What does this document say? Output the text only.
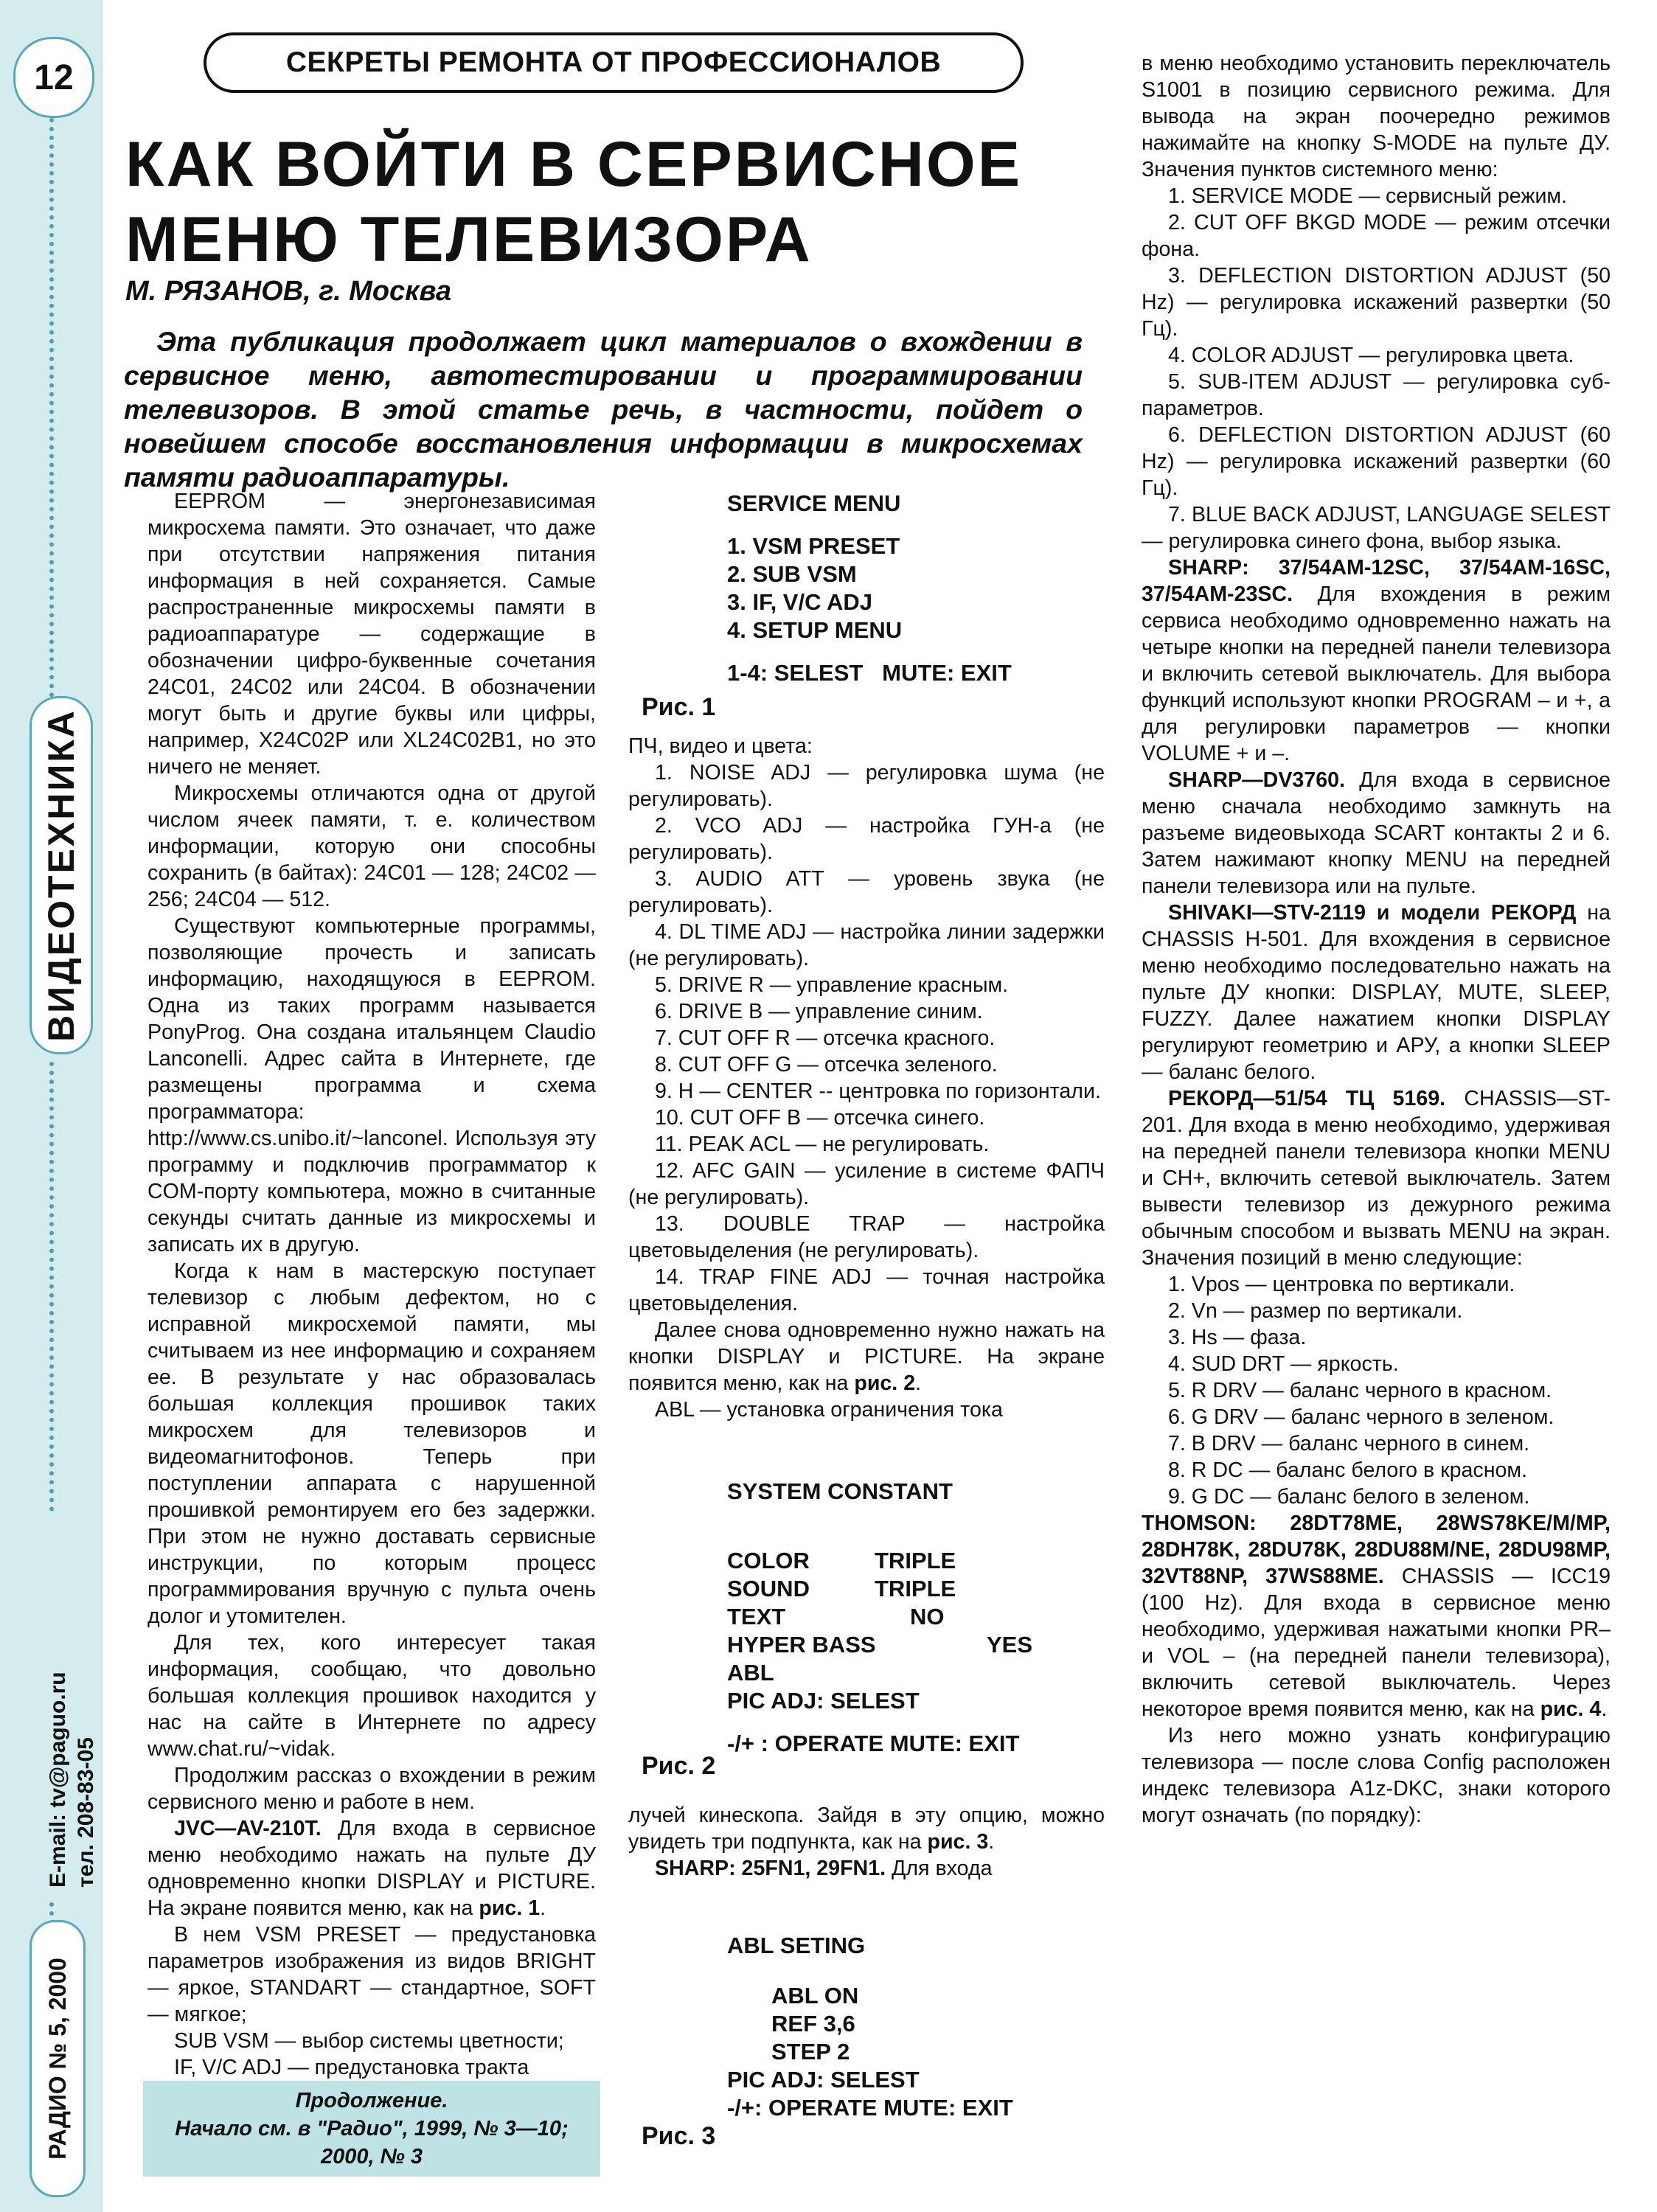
12
ВИДЕОТЕХНИКА
E-mail: tv@paguo.ru тел. 208-83-05
РАДИО № 5, 2000
СЕКРЕТЫ РЕМОНТА ОТ ПРОФЕССИОНАЛОВ
КАК ВОЙТИ В СЕРВИСНОЕ
МЕНЮ ТЕЛЕВИЗОРА
М. РЯЗАНОВ, г. Москва

Эта публикация продолжает цикл материалов о вхождении в сервисное меню, автотестировании и программировании телевизоров. В этой статье речь, в частности, пойдет о новейшем способе восстановления информации в микросхемах памяти радиоаппаратуры.

EEPROM — энергонезависимая микросхема памяти. Это означает, что даже при отсутствии напряжения питания информация в ней сохраняется. Самые распространенные микросхемы памяти в радиоаппаратуре — содержащие в обозначении цифро-буквенные сочетания 24C01, 24C02 или 24C04. В обозначении могут быть и другие буквы или цифры, например, X24C02P или XL24C02B1, но это ничего не меняет.

Микросхемы отличаются одна от другой числом ячеек памяти, т. е. количеством информации, которую они способны сохранить (в байтах): 24C01 — 128; 24C02 — 256; 24C04 — 512.

Существуют компьютерные программы, позволяющие прочесть и записать информацию, находящуюся в EEPROM. Одна из таких программ называется PonyProg. Она создана итальянцем Claudio Lanconelli. Адрес сайта в Интернете, где размещены программа и схема программатора: http://www.cs.unibo.it/~lanconel. Используя эту программу и подключив программатор к COM-порту компьютера, можно в считанные секунды считать данные из микросхемы и записать их в другую.

Когда к нам в мастерскую поступает телевизор с любым дефектом, но с исправной микросхемой памяти, мы считываем из нее информацию и сохраняем ее. В результате у нас образовалась большая коллекция прошивок таких микросхем для телевизоров и видеомагнитофонов. Теперь при поступлении аппарата с нарушенной прошивкой ремонтируем его без задержки. При этом не нужно доставать сервисные инструкции, по которым процесс программирования вручную с пульта очень долог и утомителен.

Для тех, кого интересует такая информация, сообщаю, что довольно большая коллекция прошивок находится у нас на сайте в Интернете по адресу www.chat.ru/~vidak.

Продолжим рассказ о вхождении в режим сервисного меню и работе в нем.

JVC—AV-210T. Для входа в сервисное меню необходимо нажать на пульте ДУ одновременно кнопки DISPLAY и PICTURE. На экране появится меню, как на рис. 1.

В нем VSM PRESET — предустановка параметров изображения из видов BRIGHT — яркое, STANDART — стандартное, SOFT — мягкое;

SUB VSM — выбор системы цветности;

IF, V/C ADJ — предустановка тракта

Продолжение.
Начало см. в "Радио", 1999, № 3—10;
2000, № 3
SERVICE MENU
1. VSM PRESET
2. SUB VSM
3. IF, V/C ADJ
4. SETUP MENU
1-4: SELEST   MUTE: EXIT
Рис. 1
ПЧ, видео и цвета:

1. NOISE ADJ — регулировка шума (не регулировать).

2. VCO ADJ — настройка ГУН-а (не регулировать).

3. AUDIO ATT — уровень звука (не регулировать).

4. DL TIME ADJ — настройка линии задержки (не регулировать).

5. DRIVE R — управление красным.

6. DRIVE B — управление синим.

7. CUT OFF R — отсечка красного.

8. CUT OFF G — отсечка зеленого.

9. H — CENTER -- центровка по горизонтали.

10. CUT OFF B — отсечка синего.

11. PEAK ACL — не регулировать.

12. AFC GAIN — усиление в системе ФАПЧ (не регулировать).

13. DOUBLE TRAP — настройка цветовыделения (не регулировать).

14. TRAP FINE ADJ — точная настройка цветовыделения.

Далее снова одновременно нужно нажать на кнопки DISPLAY и PICTURE. На экране появится меню, как на рис. 2.

ABL — установка ограничения тока

SYSTEM CONSTANT
COLOR	TRIPLE
SOUND	TRIPLE
TEXT	NO
HYPER BASS	YES
ABL
PIC ADJ: SELEST
-/+ : OPERATE MUTE: EXIT
Рис. 2
лучей кинескопа. Зайдя в эту опцию, можно увидеть три подпункта, как на рис. 3.

SHARP: 25FN1, 29FN1. Для входа

ABL SETING
ABL ON
REF 3,6
STEP 2
PIC ADJ: SELEST
-/+: OPERATE MUTE: EXIT
Рис. 3
в меню необходимо установить переключатель S1001 в позицию сервисного режима. Для вывода на экран поочередно режимов нажимайте на кнопку S-MODE на пульте ДУ. Значения пунктов системного меню:

1. SERVICE MODE — сервисный режим.

2. CUT OFF BKGD MODE — режим отсечки фона.

3. DEFLECTION DISTORTION ADJUST (50 Hz) — регулировка искажений развертки (50 Гц).

4. COLOR ADJUST — регулировка цвета.

5. SUB-ITEM ADJUST — регулировка суб-параметров.

6. DEFLECTION DISTORTION ADJUST (60 Hz) — регулировка искажений развертки (60 Гц).

7. BLUE BACK ADJUST, LANGUAGE SELEST — регулировка синего фона, выбор языка.

SHARP: 37/54AM-12SC, 37/54AM-16SC, 37/54AM-23SC. Для вхождения в режим сервиса необходимо одновременно нажать на четыре кнопки на передней панели телевизора и включить сетевой выключатель. Для выбора функций используют кнопки PROGRAM – и +, а для регулировки параметров — кнопки VOLUME + и –.

SHARP—DV3760. Для входа в сервисное меню сначала необходимо замкнуть на разъеме видеовыхода SCART контакты 2 и 6. Затем нажимают кнопку MENU на передней панели телевизора или на пульте.

SHIVAKI—STV-2119 и модели РЕКОРД на CHASSIS H-501. Для вхождения в сервисное меню необходимо последовательно нажать на пульте ДУ кнопки: DISPLAY, MUTE, SLEEP, FUZZY. Далее нажатием кнопки DISPLAY регулируют геометрию и АРУ, а кнопки SLEEP — баланс белого.

РЕКОРД—51/54 ТЦ 5169. CHASSIS—ST-201. Для входа в меню необходимо, удерживая на передней панели телевизора кнопки MENU и CH+, включить сетевой выключатель. Затем вывести телевизор из дежурного режима обычным способом и вызвать MENU на экран. Значения позиций в меню следующие:

1. Vpos — центровка по вертикали.

2. Vn — размер по вертикали.

3. Hs — фаза.

4. SUD DRT — яркость.

5. R DRV — баланс черного в красном.

6. G DRV — баланс черного в зеленом.

7. B DRV — баланс черного в синем.

8. R DC — баланс белого в красном.

9. G DC — баланс белого в зеленом.

THOMSON: 28DT78ME, 28WS78KE/M/MP, 28DH78K, 28DU78K, 28DU88M/NE, 28DU98MP, 32VT88NP, 37WS88ME. CHASSIS — ICC19 (100 Hz). Для входа в сервисное меню необходимо, удерживая нажатыми кнопки PR– и VOL – (на передней панели телевизора), включить сетевой выключатель. Через некоторое время появится меню, как на рис. 4.

Из него можно узнать конфигурацию телевизора — после слова Config расположен индекс телевизора A1z-DKC, знаки которого могут означать (по порядку):
